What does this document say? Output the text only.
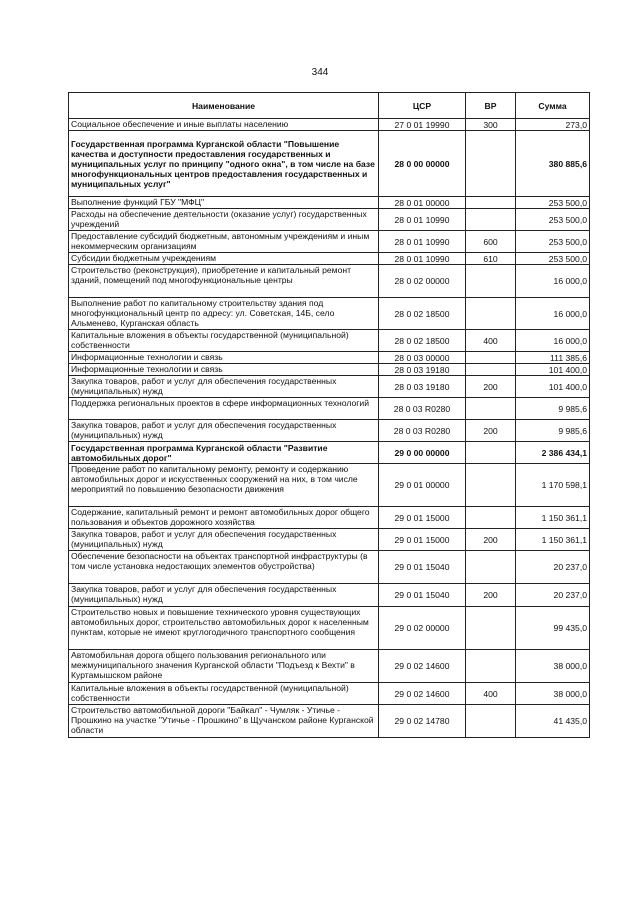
344
Наименование	ЦСР	ВР	Сумма
Социальное обеспечение и иные выплаты населению	27 0 01 19990	300	273,0
Государственная программа Курганской области "Повышение качества и доступности предоставления государственных и муниципальных услуг по принципу "одного окна", в том числе на базе многофункциональных центров предоставления государственных и муниципальных услуг"	28 0 00 00000		380 885,6
Выполнение функций ГБУ "МФЦ"	28 0 01 00000		253 500,0
Расходы на обеспечение деятельности (оказание услуг) государственных учреждений	28 0 01 10990		253 500,0
Предоставление субсидий бюджетным, автономным учреждениям и иным некоммерческим организациям	28 0 01 10990	600	253 500,0
Субсидии бюджетным учреждениям	28 0 01 10990	610	253 500,0
Строительство (реконструкция), приобретение и капитальный ремонт зданий, помещений под многофункциональные центры	28 0 02 00000		16 000,0
Выполнение работ по капитальному строительству здания под многофункциональный центр по адресу: ул. Советская, 14Б, село Альменево, Курганская область	28 0 02 18500		16 000,0
Капитальные вложения в объекты государственной (муниципальной) собственности	28 0 02 18500	400	16 000,0
Информационные технологии и связь	28 0 03 00000		111 385,6
Информационные технологии и связь	28 0 03 19180		101 400,0
Закупка товаров, работ и услуг для обеспечения государственных (муниципальных) нужд	28 0 03 19180	200	101 400,0
Поддержка региональных проектов в сфере информационных технологий	28 0 03 R0280		9 985,6
Закупка товаров, работ и услуг для обеспечения государственных (муниципальных) нужд	28 0 03 R0280	200	9 985,6
Государственная программа Курганской области "Развитие автомобильных дорог"	29 0 00 00000		2 386 434,1
Проведение работ по капитальному ремонту, ремонту и содержанию автомобильных дорог и искусственных сооружений на них, в том числе мероприятий по повышению безопасности движения	29 0 01 00000		1 170 598,1
Содержание, капитальный ремонт и ремонт автомобильных дорог общего пользования и объектов дорожного хозяйства	29 0 01 15000		1 150 361,1
Закупка товаров, работ и услуг для обеспечения государственных (муниципальных) нужд	29 0 01 15000	200	1 150 361,1
Обеспечение безопасности на объектах транспортной инфраструктуры (в том числе установка недостающих элементов обустройства)	29 0 01 15040		20 237,0
Закупка товаров, работ и услуг для обеспечения государственных (муниципальных) нужд	29 0 01 15040	200	20 237,0
Строительство новых и повышение технического уровня существующих автомобильных дорог, строительство автомобильных дорог к населенным пунктам, которые не имеют круглогодичного транспортного сообщения	29 0 02 00000		99 435,0
Автомобильная дорога общего пользования регионального или межмуниципального значения Курганской области "Подъезд к Вехти" в Куртамышском районе	29 0 02 14600		38 000,0
Капитальные вложения в объекты государственной (муниципальной) собственности	29 0 02 14600	400	38 000,0
Строительство автомобильной дороги "Байкал" - Чумляк - Утичье - Прошкино на участке "Утичье - Прошкино" в Щучанском районе Курганской области	29 0 02 14780		41 435,0
